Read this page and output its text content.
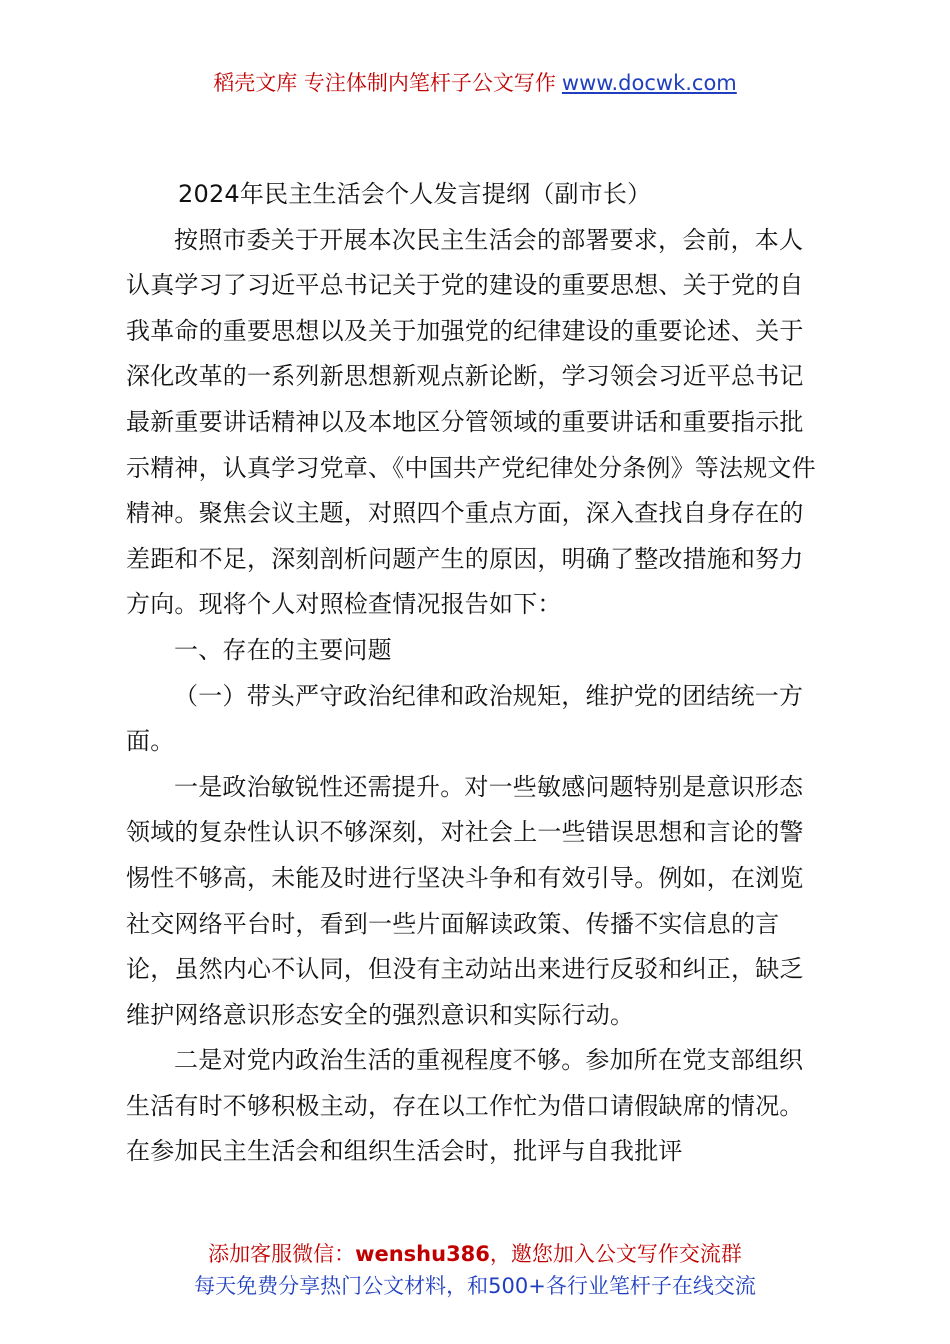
稻壳文库 专注体制内笔杆子公文写作 www.docwk.com

2024年民主生活会个人发言提纲（副市长）

按照市委关于开展本次民主生活会的部署要求，会前，本人认真学习了习近平总书记关于党的建设的重要思想、关于党的自我革命的重要思想以及关于加强党的纪律建设的重要论述、关于深化改革的一系列新思想新观点新论断，学习领会习近平总书记最新重要讲话精神以及本地区分管领域的重要讲话和重要指示批示精神，认真学习党章、《中国共产党纪律处分条例》等法规文件精神。聚焦会议主题，对照四个重点方面，深入查找自身存在的差距和不足，深刻剖析问题产生的原因，明确了整改措施和努力方向。现将个人对照检查情况报告如下：

一、存在的主要问题

（一）带头严守政治纪律和政治规矩，维护党的团结统一方面。

一是政治敏锐性还需提升。对一些敏感问题特别是意识形态领域的复杂性认识不够深刻，对社会上一些错误思想和言论的警惕性不够高，未能及时进行坚决斗争和有效引导。例如，在浏览社交网络平台时，看到一些片面解读政策、传播不实信息的言论，虽然内心不认同，但没有主动站出来进行反驳和纠正，缺乏维护网络意识形态安全的强烈意识和实际行动。

二是对党内政治生活的重视程度不够。参加所在党支部组织生活有时不够积极主动，存在以工作忙为借口请假缺席的情况。在参加民主生活会和组织生活会时，批评与自我批评

添加客服微信：wenshu386，邀您加入公文写作交流群
每天免费分享热门公文材料，和500+各行业笔杆子在线交流
